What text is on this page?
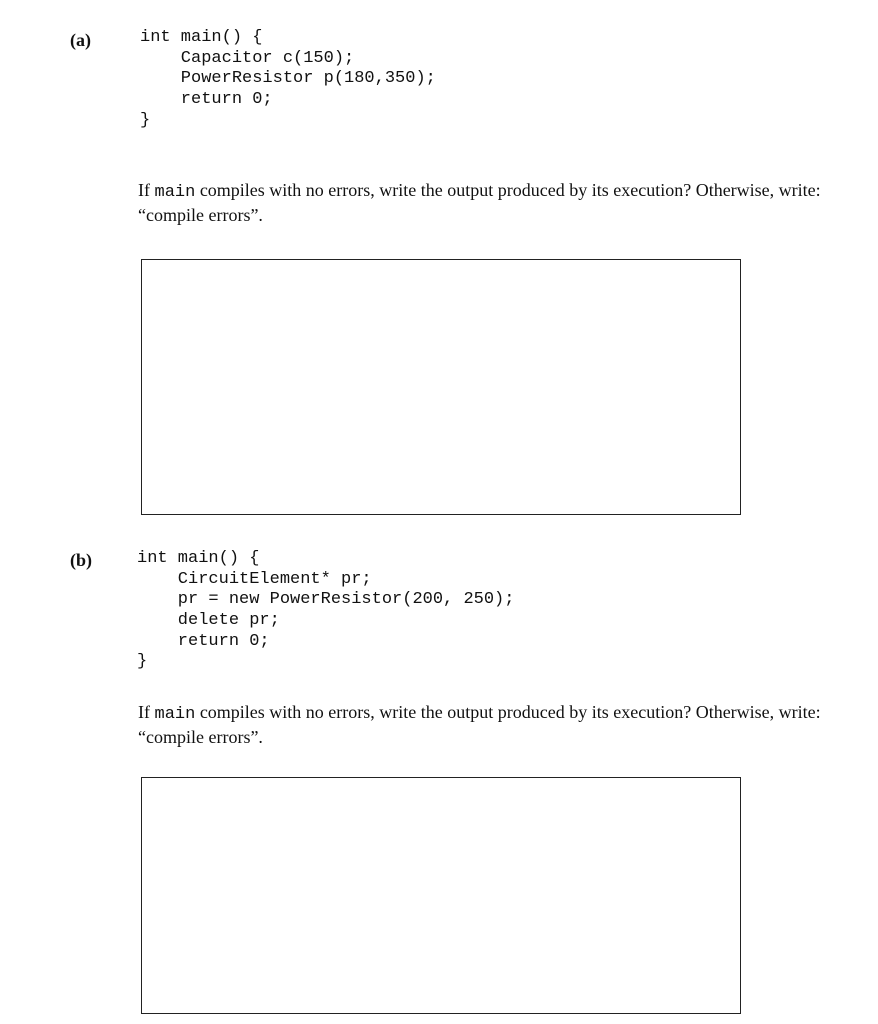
(a)	int main() {
Capacitor c(150);
PowerResistor p(180,350);
return 0;
}
If main compiles with no errors, write the output produced by its execution? Otherwise, write: “compile errors”.
(b)	int main() {
CircuitElement* pr;
pr = new PowerResistor(200, 250);
delete pr;
return 0;
}
If main compiles with no errors, write the output produced by its execution? Otherwise, write: “compile errors”.
